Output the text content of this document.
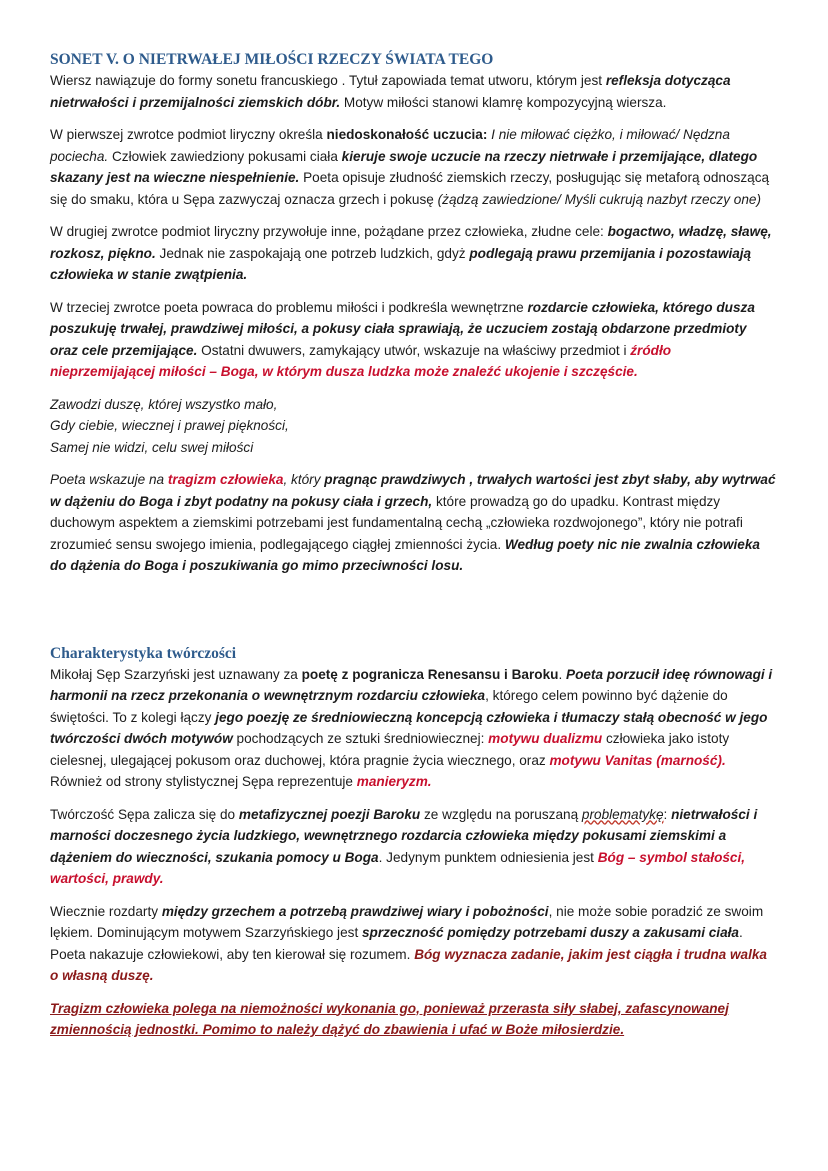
SONET V. O NIETRWAŁEJ MIŁOŚCI RZECZY ŚWIATA TEGO

Wiersz nawiązuje do formy sonetu francuskiego . Tytuł zapowiada temat utworu, którym jest refleksja dotycząca nietrwałości i przemijalności ziemskich dóbr. Motyw miłości stanowi klamrę kompozycyjną wiersza.

W pierwszej zwrotce podmiot liryczny określa niedoskonałość uczucia: I nie miłować ciężko, i miłować/ Nędzna pociecha. Człowiek zawiedziony pokusami ciała kieruje swoje uczucie na rzeczy nietrwałe i przemijające, dlatego skazany jest na wieczne niespełnienie. Poeta opisuje złudność ziemskich rzeczy, posługując się metaforą odnoszącą się do smaku, która u Sępa zazwyczaj oznacza grzech i pokusę (żądzą zawiedzione/ Myśli cukrują nazbyt rzeczy one)

W drugiej zwrotce podmiot liryczny przywołuje inne, pożądane przez człowieka, złudne cele: bogactwo, władzę, sławę, rozkosz, piękno. Jednak nie zaspokajają one potrzeb ludzkich, gdyż podlegają prawu przemijania i pozostawiają człowieka w stanie zwątpienia.

W trzeciej zwrotce poeta powraca do problemu miłości i podkreśla wewnętrzne rozdarcie człowieka, którego dusza poszukuję trwałej, prawdziwej miłości, a pokusy ciała sprawiają, że uczuciem zostają obdarzone przedmioty oraz cele przemijające. Ostatni dwuwers, zamykający utwór, wskazuje na właściwy przedmiot i źródło nieprzemijającej miłości – Boga, w którym dusza ludzka może znaleźć ukojenie i szczęście.

Zawodzi duszę, której wszystko mało,
Gdy ciebie, wiecznej i prawej piękności,
Samej nie widzi, celu swej miłości

Poeta wskazuje na tragizm człowieka, który pragnąc prawdziwych , trwałych wartości jest zbyt słaby, aby wytrwać w dążeniu do Boga i zbyt podatny na pokusy ciała i grzech, które prowadzą go do upadku. Kontrast między duchowym aspektem a ziemskimi potrzebami jest fundamentalną cechą „człowieka rozdwojonego”, który nie potrafi zrozumieć sensu swojego imienia, podlegającego ciągłej zmienności życia. Według poety nic nie zwalnia człowieka do dążenia do Boga i poszukiwania go mimo przeciwności losu.

Charakterystyka twórczości

Mikołaj Sęp Szarzyński jest uznawany za poetę z pogranicza Renesansu i Baroku. Poeta porzucił ideę równowagi i harmonii na rzecz przekonania o wewnętrznym rozdarciu człowieka, którego celem powinno być dążenie do świętości. To z kolegi łączy jego poezję ze średniowieczną koncepcją człowieka i tłumaczy stałą obecność w jego twórczości dwóch motywów pochodzących ze sztuki średniowiecznej: motywu dualizmu człowieka jako istoty cielesnej, ulegającej pokusom oraz duchowej, która pragnie życia wiecznego, oraz motywu Vanitas (marność). Również od strony stylistycznej Sępa reprezentuje manieryzm.

Twórczość Sępa zalicza się do metafizycznej poezji Baroku ze względu na poruszaną problematykę: nietrwałości i marności doczesnego życia ludzkiego, wewnętrznego rozdarcia człowieka między pokusami ziemskimi a dążeniem do wieczności, szukania pomocy u Boga. Jedynym punktem odniesienia jest Bóg – symbol stałości, wartości, prawdy.

Wiecznie rozdarty między grzechem a potrzebą prawdziwej wiary i pobożności, nie może sobie poradzić ze swoim lękiem. Dominującym motywem Szarzyńskiego jest sprzeczność pomiędzy potrzebami duszy a zakusami ciała. Poeta nakazuje człowiekowi, aby ten kierował się rozumem. Bóg wyznacza zadanie, jakim jest ciągła i trudna walka o własną duszę.

Tragizm człowieka polega na niemożności wykonania go, ponieważ przerasta siły słabej, zafascynowanej zmiennością jednostki. Pomimo to należy dążyć do zbawienia i ufać w Boże miłosierdzie.
